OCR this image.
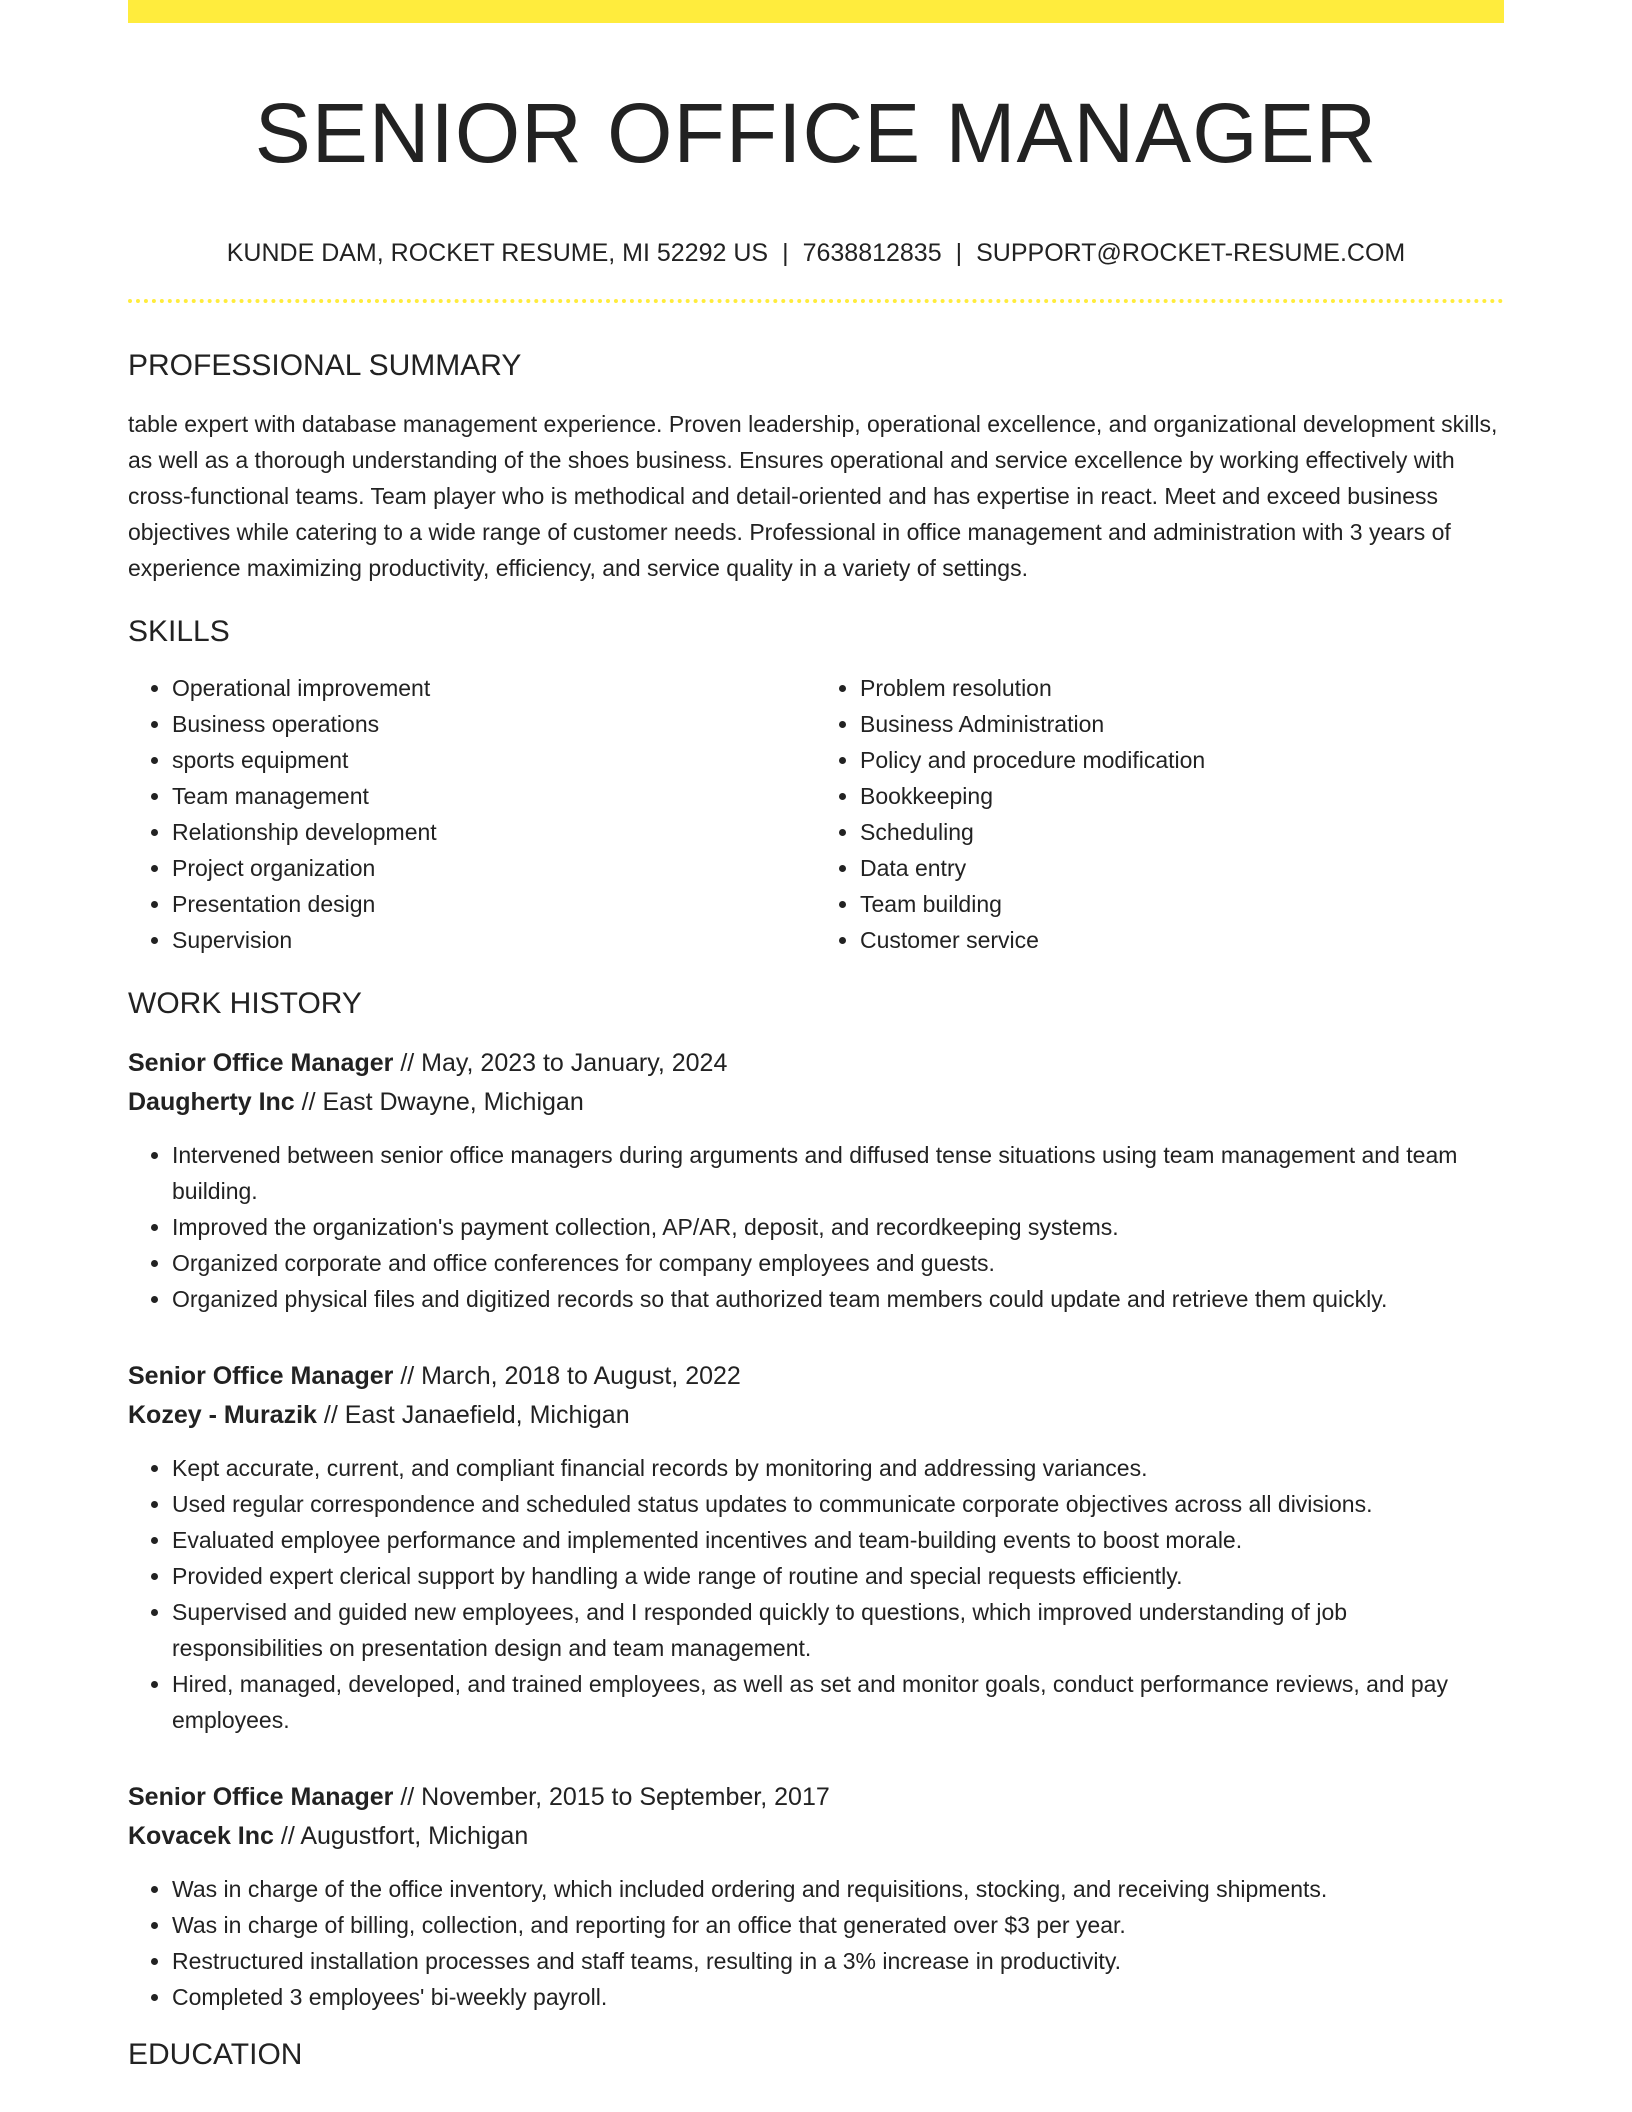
SENIOR OFFICE MANAGER
KUNDE DAM, ROCKET RESUME, MI 52292 US | 7638812835 | SUPPORT@ROCKET-RESUME.COM
PROFESSIONAL SUMMARY

table expert with database management experience. Proven leadership, operational excellence, and organizational development skills, as well as a thorough understanding of the shoes business. Ensures operational and service excellence by working effectively with cross-functional teams. Team player who is methodical and detail-oriented and has expertise in react. Meet and exceed business objectives while catering to a wide range of customer needs. Professional in office management and administration with 3 years of experience maximizing productivity, efficiency, and service quality in a variety of settings.

SKILLS
• Operational improvement
• Business operations
• sports equipment
• Team management
• Relationship development
• Project organization
• Presentation design
• Supervision
• Problem resolution
• Business Administration
• Policy and procedure modification
• Bookkeeping
• Scheduling
• Data entry
• Team building
• Customer service
WORK HISTORY
Senior Office Manager // May, 2023 to January, 2024
Daugherty Inc // East Dwayne, Michigan
• Intervened between senior office managers during arguments and diffused tense situations using team management and team building.
• Improved the organization's payment collection, AP/AR, deposit, and recordkeeping systems.
• Organized corporate and office conferences for company employees and guests.
• Organized physical files and digitized records so that authorized team members could update and retrieve them quickly.
Senior Office Manager // March, 2018 to August, 2022
Kozey - Murazik // East Janaefield, Michigan
• Kept accurate, current, and compliant financial records by monitoring and addressing variances.
• Used regular correspondence and scheduled status updates to communicate corporate objectives across all divisions.
• Evaluated employee performance and implemented incentives and team-building events to boost morale.
• Provided expert clerical support by handling a wide range of routine and special requests efficiently.
• Supervised and guided new employees, and I responded quickly to questions, which improved understanding of job responsibilities on presentation design and team management.
• Hired, managed, developed, and trained employees, as well as set and monitor goals, conduct performance reviews, and pay employees.
Senior Office Manager // November, 2015 to September, 2017
Kovacek Inc // Augustfort, Michigan
• Was in charge of the office inventory, which included ordering and requisitions, stocking, and receiving shipments.
• Was in charge of billing, collection, and reporting for an office that generated over $3 per year.
• Restructured installation processes and staff teams, resulting in a 3% increase in productivity.
• Completed 3 employees' bi-weekly payroll.
EDUCATION
